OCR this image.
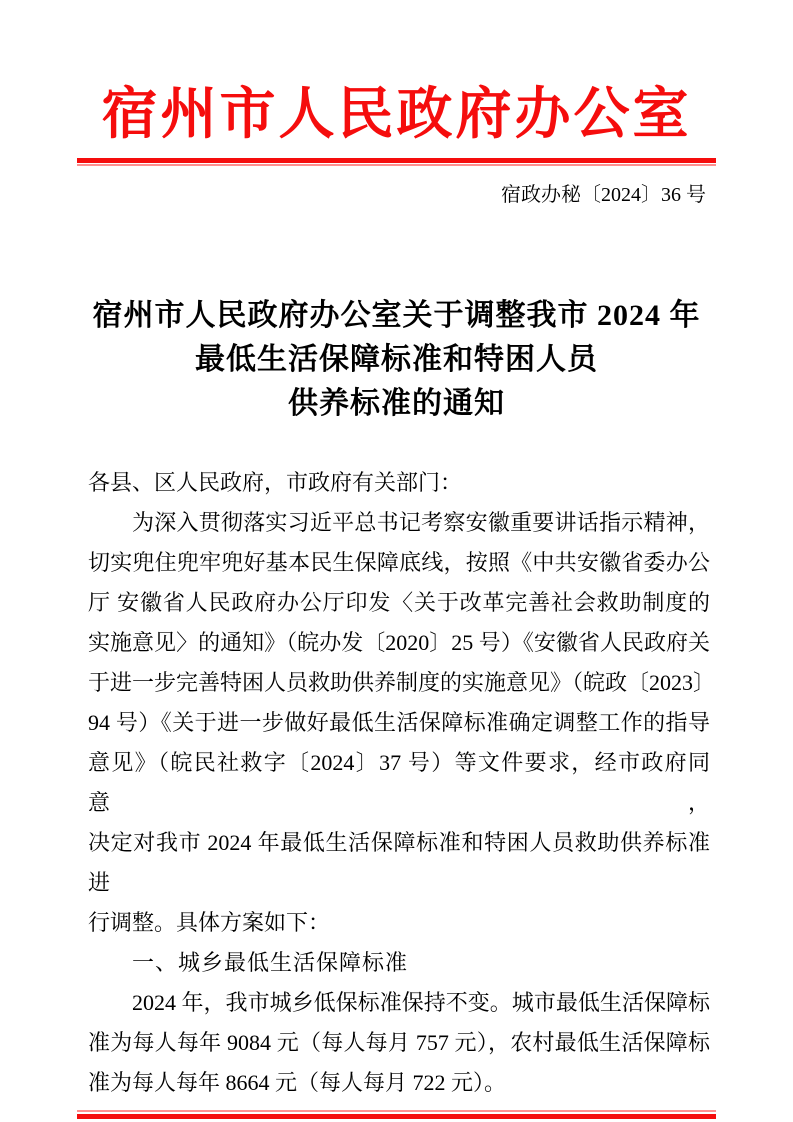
宿州市人民政府办公室
宿政办秘〔2024〕36 号
宿州市人民政府办公室关于调整我市 2024 年
最低生活保障标准和特困人员
供养标准的通知
各县、区人民政府，市政府有关部门：
为深入贯彻落实习近平总书记考察安徽重要讲话指示精神，
切实兜住兜牢兜好基本民生保障底线，按照《中共安徽省委办公
厅 安徽省人民政府办公厅印发〈关于改革完善社会救助制度的
实施意见〉的通知》（皖办发〔2020〕25 号）《安徽省人民政府关
于进一步完善特困人员救助供养制度的实施意见》（皖政〔2023〕
94 号）《关于进一步做好最低生活保障标准确定调整工作的指导
意见》（皖民社救字〔2024〕37 号）等文件要求，经市政府同意，
决定对我市 2024 年最低生活保障标准和特困人员救助供养标准进
行调整。具体方案如下：
一、城乡最低生活保障标准
2024 年，我市城乡低保标准保持不变。城市最低生活保障标
准为每人每年 9084 元（每人每月 757 元），农村最低生活保障标
准为每人每年 8664 元（每人每月 722 元）。
